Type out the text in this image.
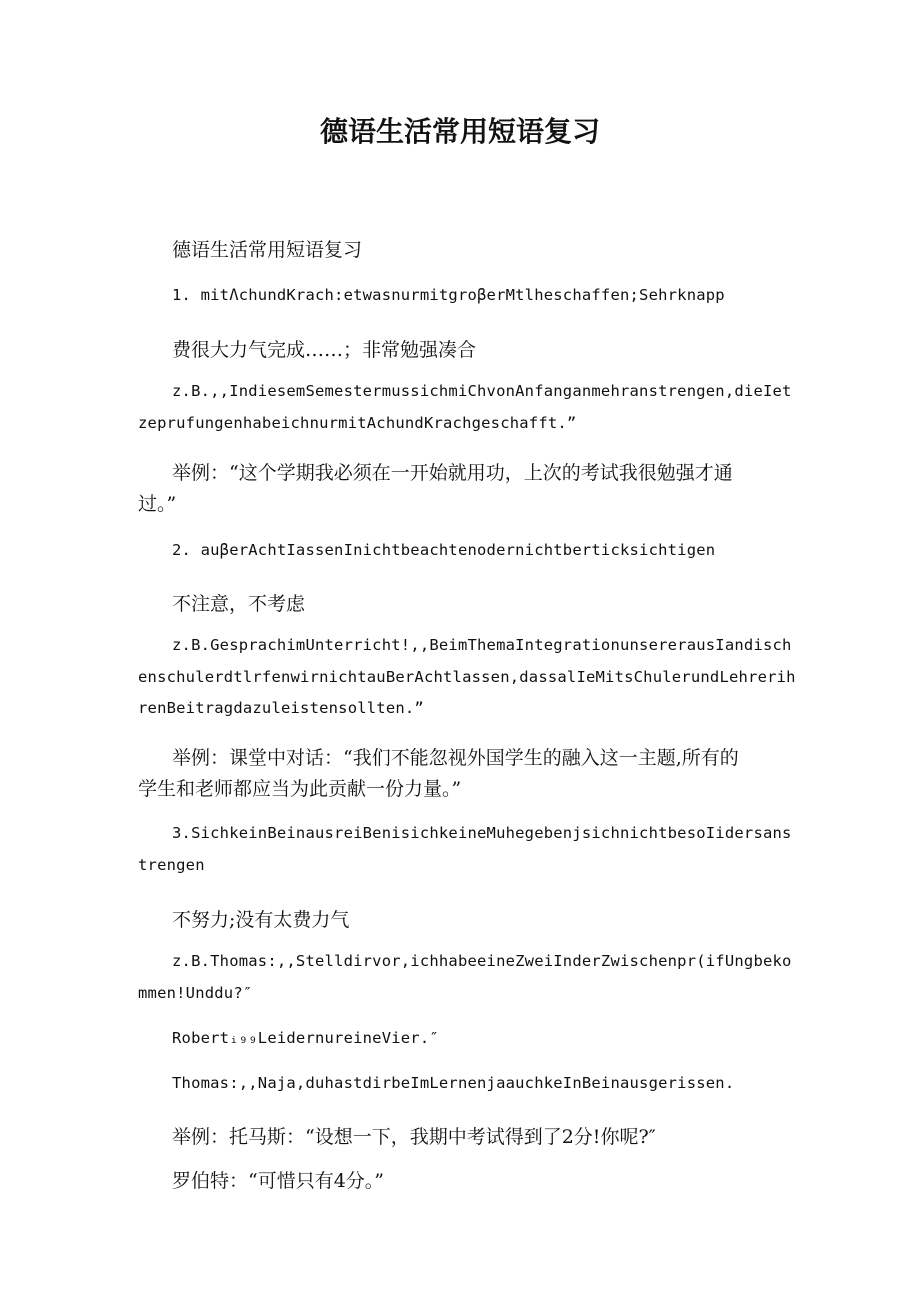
德语生活常用短语复习

德语生活常用短语复习

1. mitΛchundKrach:etwasnurmitgroβerMtlheschaffen;Sehrknapp

费很大力气完成……；非常勉强凑合

z.B.,,IndiesemSemestermussichmiChvonAnfanganmehranstrengen,dieIet

zeprufungenhabeichnurmitAchundKrachgeschafft.”

举例：“这个学期我必须在一开始就用功，上次的考试我很勉强才通

过。”

2. auβerAchtIassenInichtbeachtenodernichtberticksichtigen

不注意，不考虑

z.B.GesprachimUnterricht!,,BeimThemaIntegrationunsererausIandisch

enschulerdtlrfenwirnichtauBerAchtlassen,dassalIeMitsChulerundLehrerih

renBeitragdazuleistensollten.”

举例：课堂中对话：“我们不能忽视外国学生的融入这一主题,所有的

学生和老师都应当为此贡献一份力量。”

3.SichkeinBeinausreiBenisichkeineMuhegebenjsichnichtbesoIidersans

trengen

不努力;没有太费力气

z.B.Thomas:,,Stelldirvor,ichhabeeineZweiInderZwischenpr(ifUngbeko

mmen!Unddu?″

Robertᵢ₉₉LeidernureineVier.″

Thomas:,,Naja,duhastdirbeImLernenjaauchkeInBeinausgerissen.

举例：托马斯：“设想一下，我期中考试得到了2分!你呢?″

罗伯特：“可惜只有4分。”
